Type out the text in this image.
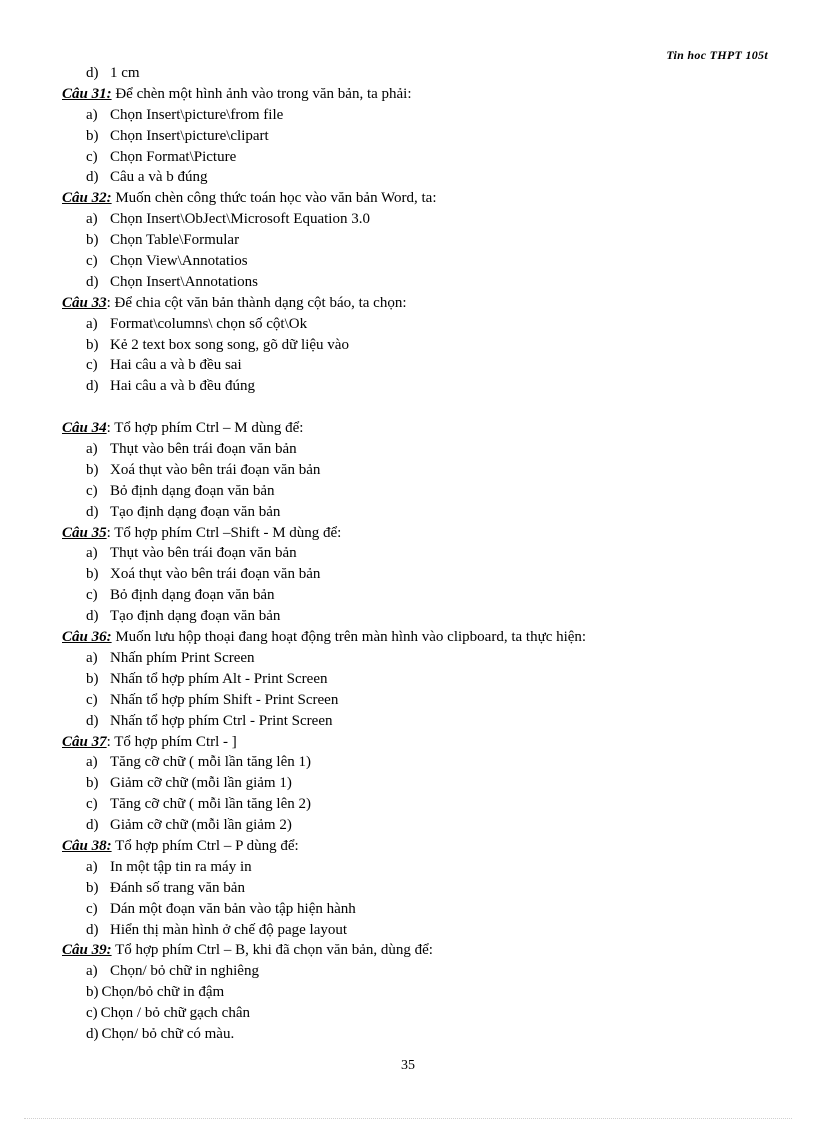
Tin hoc THPT 105t
d) 1 cm
Câu 31: Để chèn một hình ảnh vào trong văn bản, ta phải:
a) Chọn Insert\picture\from file
b) Chọn Insert\picture\clipart
c) Chọn Format\Picture
d) Câu a và b đúng
Câu 32: Muốn chèn công thức toán học vào văn bản Word, ta:
a) Chọn Insert\ObJect\Microsoft Equation 3.0
b) Chọn Table\Formular
c) Chọn View\Annotatios
d) Chọn Insert\Annotations
Câu 33: Để chia cột văn bản thành dạng cột báo, ta chọn:
a) Format\columns\ chọn số cột\Ok
b) Kẻ 2 text box song song, gõ dữ liệu vào
c) Hai câu a và b đều sai
d) Hai câu a và b đều đúng
Câu 34: Tổ hợp phím Ctrl – M dùng để:
a) Thụt vào bên trái đoạn văn bản
b) Xoá thụt vào bên trái đoạn văn bản
c) Bỏ định dạng đoạn văn bản
d) Tạo định dạng đoạn văn bản
Câu 35: Tổ hợp phím Ctrl –Shift - M dùng để:
a) Thụt vào bên trái đoạn văn bản
b) Xoá thụt vào bên trái đoạn văn bản
c) Bỏ định dạng đoạn văn bản
d) Tạo định dạng đoạn văn bản
Câu 36: Muốn lưu hộp thoại đang hoạt động trên màn hình vào clipboard, ta thực hiện:
a) Nhấn phím Print Screen
b) Nhấn tổ hợp phím Alt - Print Screen
c) Nhấn tổ hợp phím Shift - Print Screen
d) Nhấn tổ hợp phím Ctrl - Print Screen
Câu 37: Tổ hợp phím Ctrl - ]
a) Tăng cỡ chữ ( mỗi lần tăng lên 1)
b) Giảm cỡ chữ (mỗi lần giảm 1)
c) Tăng cỡ chữ ( mỗi lần tăng lên 2)
d) Giảm cỡ chữ (mỗi lần giảm 2)
Câu 38: Tổ hợp phím Ctrl – P dùng để:
a) In một tập tin ra máy in
b) Đánh số trang văn bản
c) Dán một đoạn văn bản vào tập hiện hành
d) Hiển thị màn hình ở chế độ page layout
Câu 39: Tổ hợp phím Ctrl – B, khi đã chọn văn bản, dùng để:
a) Chọn/ bỏ chữ in nghiêng
b) Chọn/bỏ chữ in đậm
c) Chọn / bỏ chữ gạch chân
d) Chọn/ bỏ chữ có màu.
35
